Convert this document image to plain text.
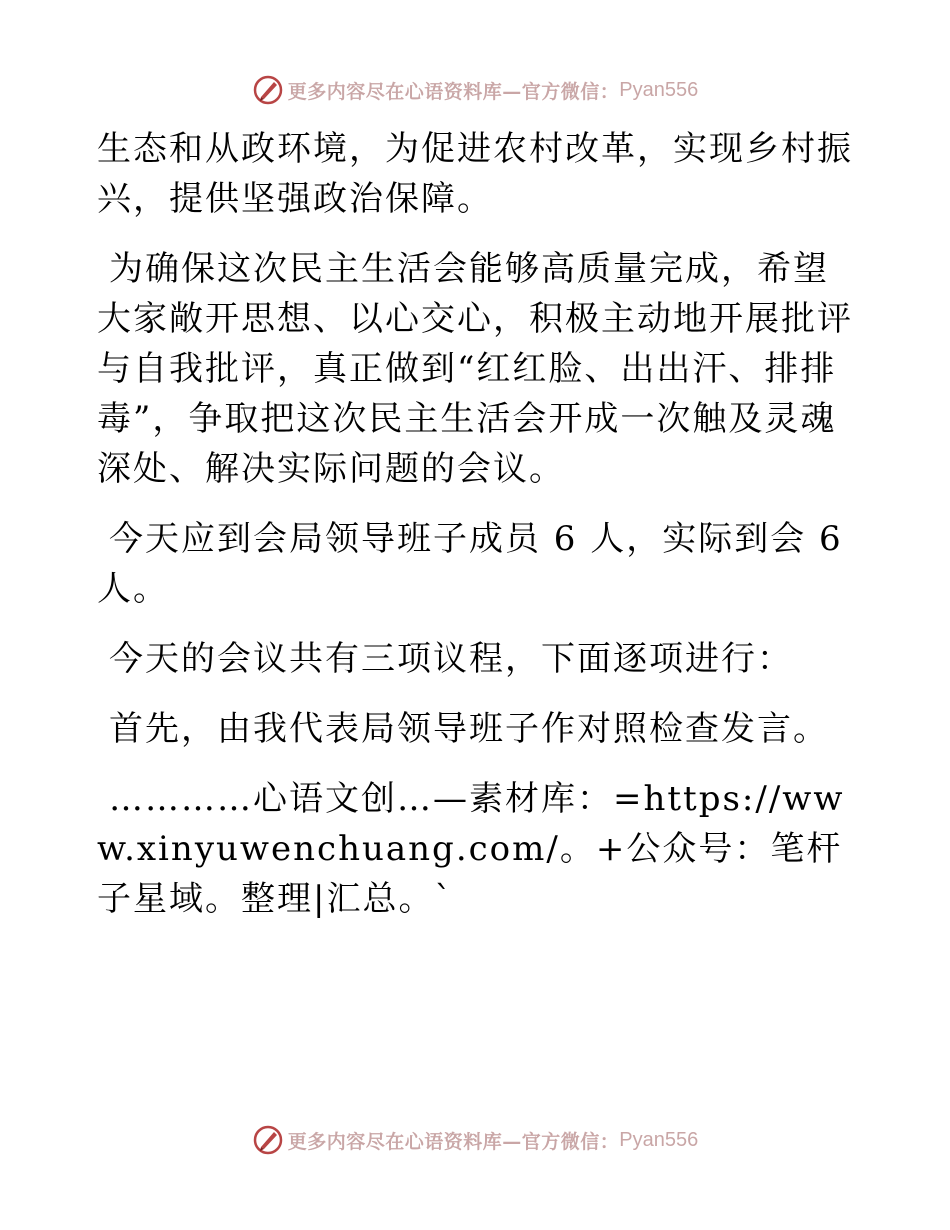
更多内容尽在心语资料库—官方微信： Pyan556

生态和从政环境，为促进农村改革，实现乡村振兴，提供坚强政治保障。

为确保这次民主生活会能够高质量完成，希望大家敞开思想、以心交心，积极主动地开展批评与自我批评，真正做到“红红脸、出出汗、排排毒”，争取把这次民主生活会开成一次触及灵魂深处、解决实际问题的会议。

今天应到会局领导班子成员 6 人，实际到会 6 人。

今天的会议共有三项议程，下面逐项进行：

首先，由我代表局领导班子作对照检查发言。

…………心语文创…—素材库：=https://www.xinyuwenchuang.com/。+公众号：笔杆子星域。整理|汇总。`

更多内容尽在心语资料库—官方微信： Pyan556
